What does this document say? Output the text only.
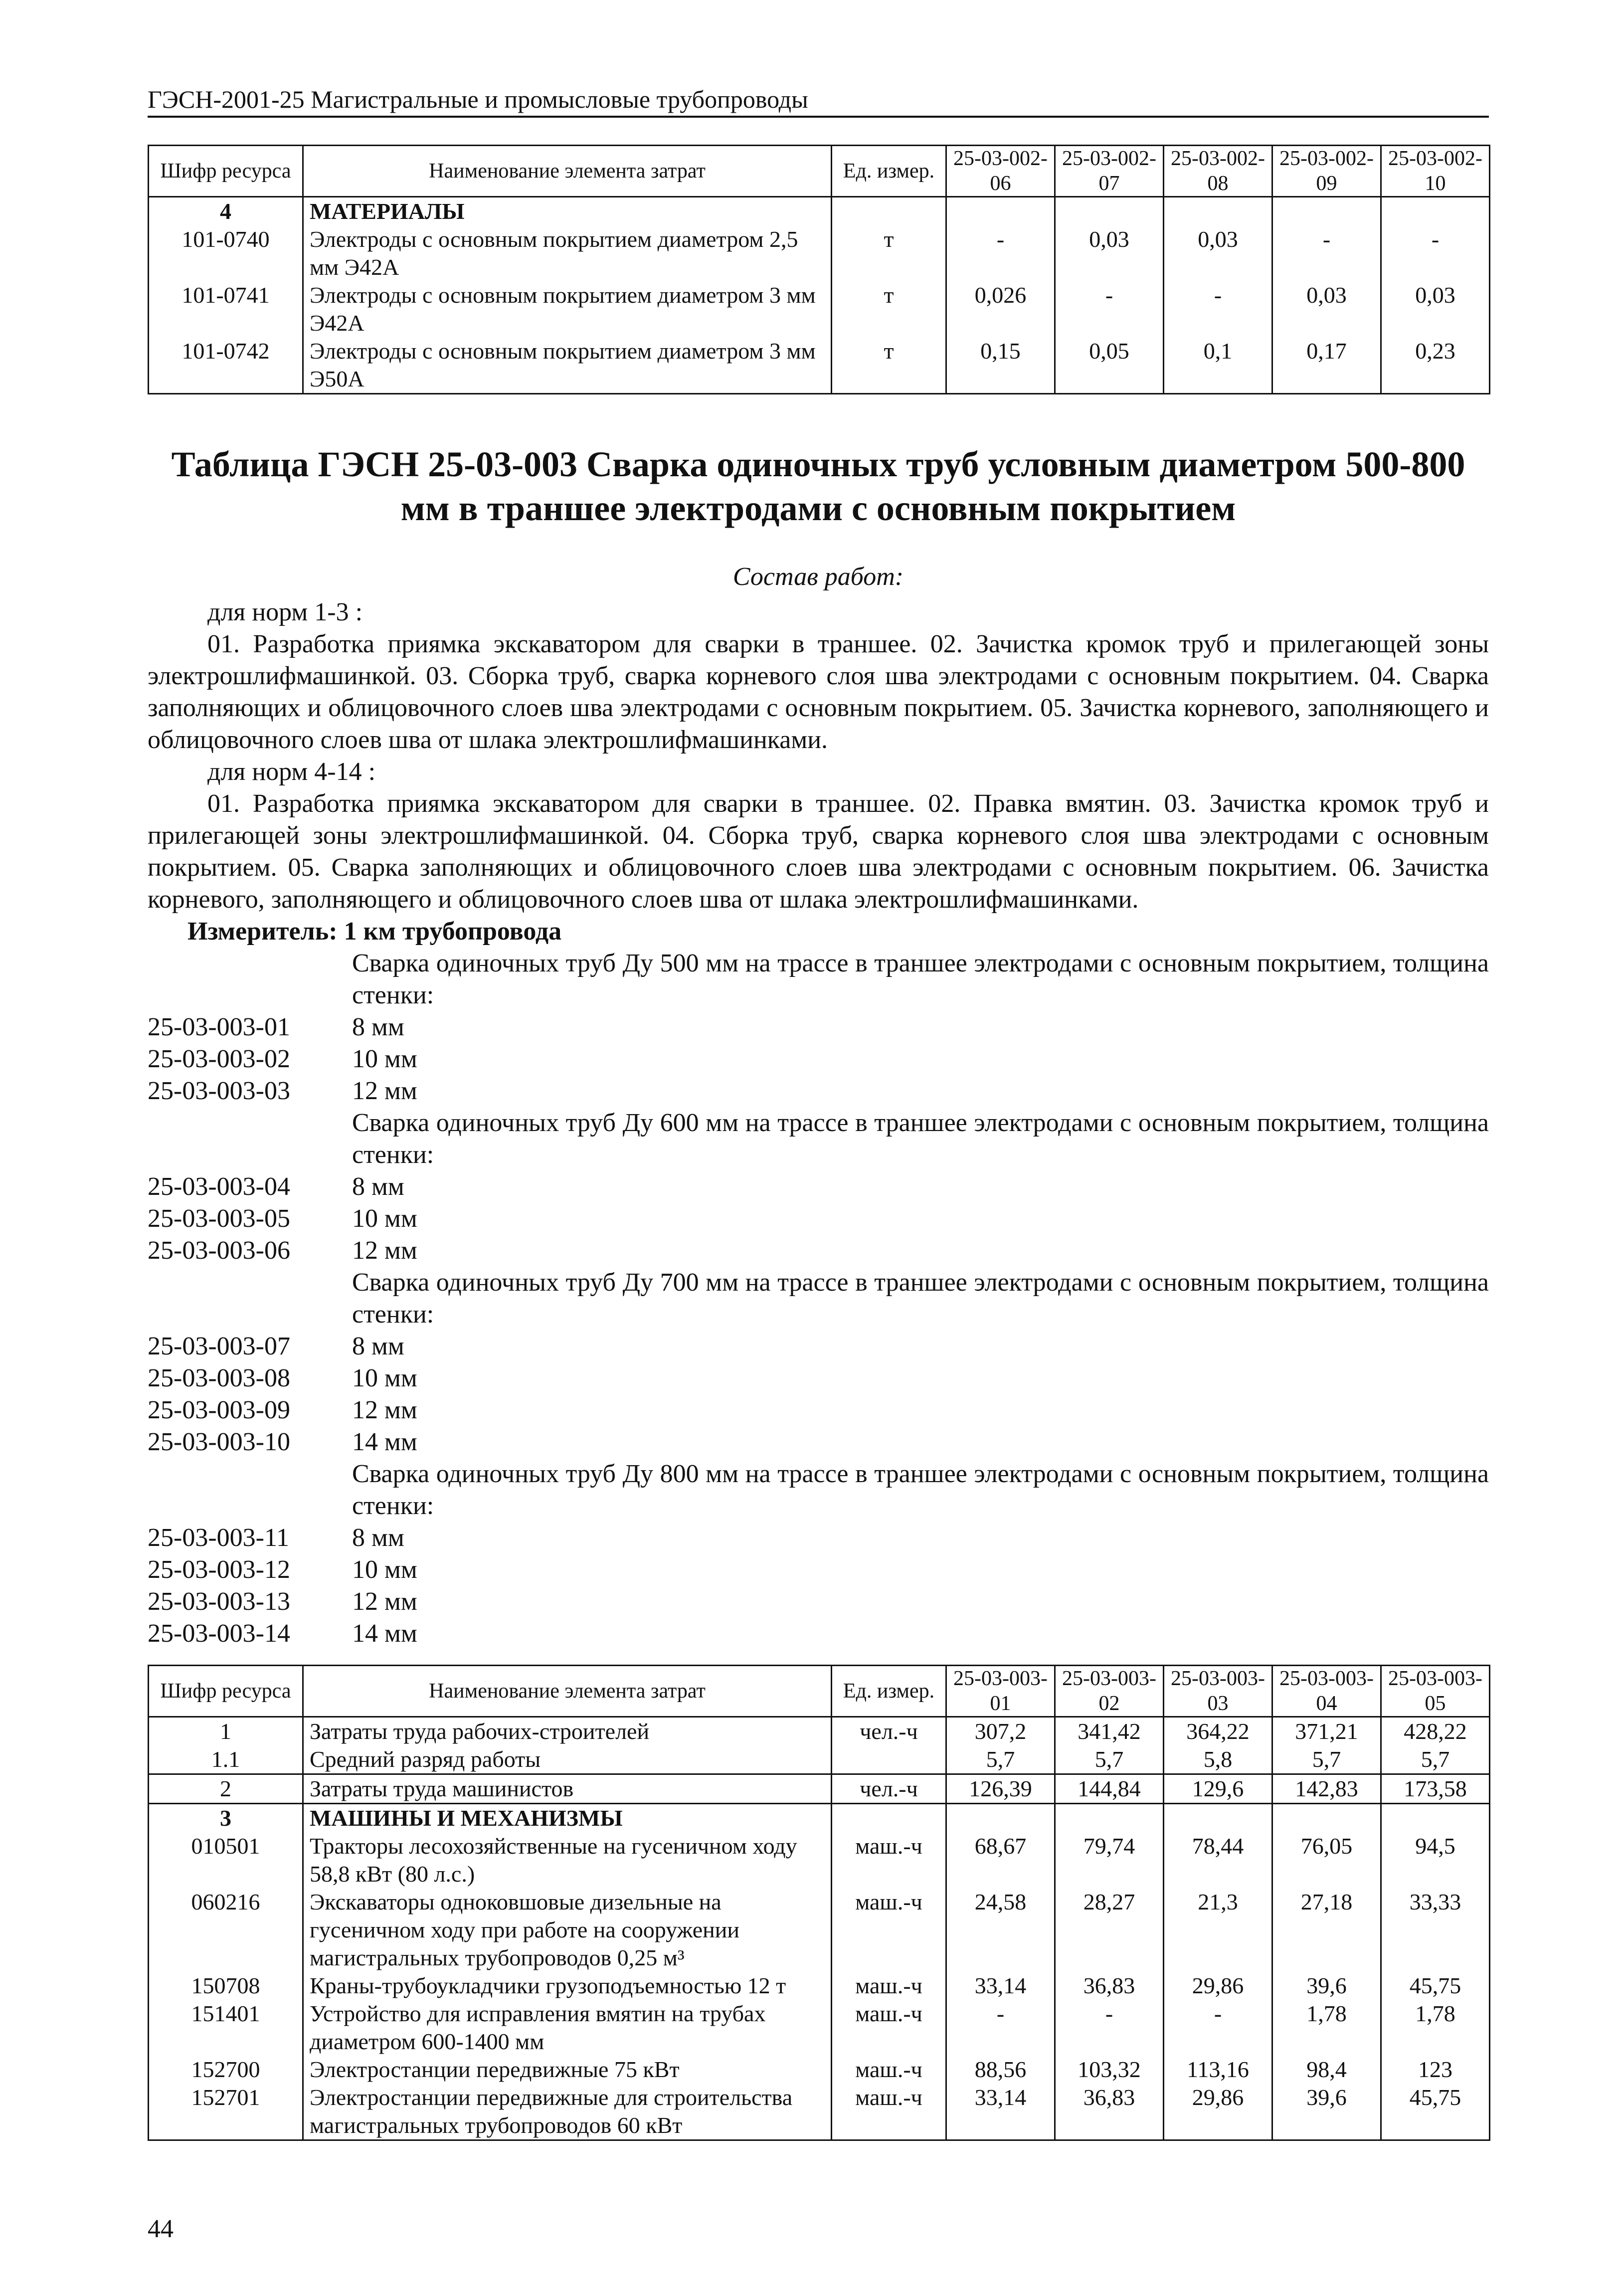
ГЭСН-2001-25 Магистральные и промысловые трубопроводы
Шифр ресурса	Наименование элемента затрат	Ед. измер.	25-03-002-06	25-03-002-07	25-03-002-08	25-03-002-09	25-03-002-10
4	МАТЕРИАЛЫ						
101-0740	Электроды с основным покрытием диаметром 2,5 мм Э42А	т	-	0,03	0,03	-	-
101-0741	Электроды с основным покрытием диаметром 3 мм Э42А	т	0,026	-	-	0,03	0,03
101-0742	Электроды с основным покрытием диаметром 3 мм Э50А	т	0,15	0,05	0,1	0,17	0,23
Таблица ГЭСН 25-03-003 Сварка одиночных труб условным диаметром 500-800 мм в траншее электродами с основным покрытием
Состав работ:
для норм 1-3 :
01. Разработка приямка экскаватором для сварки в траншее. 02. Зачистка кромок труб и прилегающей зоны электрошлифмашинкой. 03. Сборка труб, сварка корневого слоя шва электродами с основным покрытием. 04. Сварка заполняющих и облицовочного слоев шва электродами с основным покрытием. 05. Зачистка корневого, заполняющего и облицовочного слоев шва от шлака электрошлифмашинками.
для норм 4-14 :
01. Разработка приямка экскаватором для сварки в траншее. 02. Правка вмятин. 03. Зачистка кромок труб и прилегающей зоны электрошлифмашинкой. 04. Сборка труб, сварка корневого слоя шва электродами с основным покрытием. 05. Сварка заполняющих и облицовочного слоев шва электродами с основным покрытием. 06. Зачистка корневого, заполняющего и облицовочного слоев шва от шлака электрошлифмашинками.
Измеритель: 1 км трубопровода
Сварка одиночных труб Ду 500 мм на трассе в траншее электродами с основным покрытием, толщина стенки:
25-03-003-01	8 мм
25-03-003-02	10 мм
25-03-003-03	12 мм
Сварка одиночных труб Ду 600 мм на трассе в траншее электродами с основным покрытием, толщина стенки:
25-03-003-04	8 мм
25-03-003-05	10 мм
25-03-003-06	12 мм
Сварка одиночных труб Ду 700 мм на трассе в траншее электродами с основным покрытием, толщина стенки:
25-03-003-07	8 мм
25-03-003-08	10 мм
25-03-003-09	12 мм
25-03-003-10	14 мм
Сварка одиночных труб Ду 800 мм на трассе в траншее электродами с основным покрытием, толщина стенки:
25-03-003-11	8 мм
25-03-003-12	10 мм
25-03-003-13	12 мм
25-03-003-14	14 мм
Шифр ресурса	Наименование элемента затрат	Ед. измер.	25-03-003-01	25-03-003-02	25-03-003-03	25-03-003-04	25-03-003-05
1	Затраты труда рабочих-строителей	чел.-ч	307,2	341,42	364,22	371,21	428,22
1.1	Средний разряд работы		5,7	5,7	5,8	5,7	5,7
2	Затраты труда машинистов	чел.-ч	126,39	144,84	129,6	142,83	173,58
3	МАШИНЫ И МЕХАНИЗМЫ						
010501	Тракторы лесохозяйственные на гусеничном ходу 58,8 кВт (80 л.с.)	маш.-ч	68,67	79,74	78,44	76,05	94,5
060216	Экскаваторы одноковшовые дизельные на гусеничном ходу при работе на сооружении магистральных трубопроводов 0,25 м³	маш.-ч	24,58	28,27	21,3	27,18	33,33
150708	Краны-трубоукладчики грузоподъемностью 12 т	маш.-ч	33,14	36,83	29,86	39,6	45,75
151401	Устройство для исправления вмятин на трубах диаметром 600-1400 мм	маш.-ч	-	-	-	1,78	1,78
152700	Электростанции передвижные 75 кВт	маш.-ч	88,56	103,32	113,16	98,4	123
152701	Электростанции передвижные для строительства магистральных трубопроводов 60 кВт	маш.-ч	33,14	36,83	29,86	39,6	45,75
44
